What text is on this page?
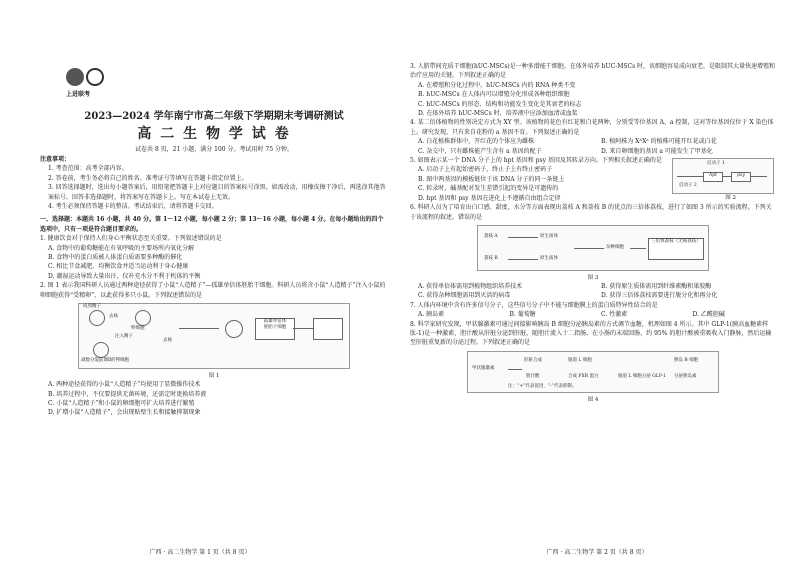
上进联考
2023—2024 学年南宁市高二年级下学期期末考调研测试
高 二 生 物 学 试 卷
试卷共 8 页，21 小题，满分 100 分。考试用时 75 分钟。

注意事项：

1. 考查范围：高考全部内容。

2. 答卷前，考生务必将自己的姓名、准考证号等填写在答题卡指定位置上。

3. 回答选择题时，选出每小题答案后，用铅笔把答题卡上对应题目的答案标号涂黑。如需改动，用橡皮擦干净后，再选涂其他答案标号。回答非选择题时，将答案写在答题卡上。写在本试卷上无效。

4. 考生必须保持答题卡的整洁。考试结束后，请将答题卡交回。

一、选择题：本题共 16 小题，共 40 分。第 1～12 小题，每小题 2 分；第 13～16 小题，每小题 4 分。在每小题给出的四个选项中，只有一项是符合题目要求的。

1. 健康饮食对于保持人们身心平衡状态至关重要。下列叙述错误的是

A. 食物中的葡萄糖能在有氧呼吸的主要场所内氧化分解

B. 食物中的蛋白质被人体蛋白质需要多种酶的催化

C. 相比节食减肥，均衡饮食并适当运动利于身心健康

D. 潮湿运动导致大量出汗，仅补充水分不利于机体的平衡

2. 图 1 表示我国科研人员通过两种途径获得了小鼠“人造精子”—孤雄单倍体胚胎干细胞。科研人员将含小鼠“人造精子”注入小鼠的卵细胞获得“受精卵”，以此获得多只小鼠。下列叙述错误的是

成熟精子
去核
卵细胞
注入精子
减数分裂前期Ⅱ的卵细胞
去核
孤雄单倍体
胚胎干细胞
图 1

A. 两种途径获得的小鼠“人造精子”均使用了显微操作技术

B. 培养过程中，不仅要提供无菌环境，还需定时更换培养液

C. 小鼠“人造精子”和小鼠的卵细胞可扩大培养进行繁殖

D. 扩增小鼠“人造精子”，会出现贴壁生长和接触抑制现象

广西 · 高二生物学 第 1 页（共 8 页）

3. 人脐带间充质干细胞(hUC-MSCs)是一种多潜能干细胞。在体外培养 hUC-MSCs 时，该细胞容易成向衰老，是限制其大量快速增殖和治疗应用的关键。下列叙述正确的是

A. 在增殖和分化过程中，hUC-MSCs 内的 RNA 种类不变

B. hUC-MSCs 在人体内可以增殖分化形成各种组织细胞

C. hUC-MSCs 的形态、结构和功能发生变化是其衰老的标志

D. 在体外培养 hUC-MSCs 时，培养液中应添加血清或血浆

4. 某二倍体植物的性别决定方式为 XY 型。该植物的花色有红花和白花两种，分别受等位基因 A、a 控制，这对等位基因仅位于 X 染色体上。研究发现，只有来自花粉的 a 基因不育。下列叙述正确的是

A. 白花植株群体中，开红花的个体应为雌株	B. 植阿株为 XᴬXᵃ 的植株可能开红花或白花

C. 杂交中，只有雌株能产生含有 a 基因的配子	D. 来自卵细胞的基因 a 可能发生了甲基化

5. 如图表示某一个 DNA 分子上的 hpt 基因和 psy 基因及其转录方向。下列相关叙述正确的是

A. 启动子上有起始密码子，终止子上有终止密码子

B. 图中两基因的模板链位于该 DNA 分子的同一条链上

C. 转录时，碱基配对发生差错引起的变异是可遗传的

D. hpt 基因和 psy 基因在进化上不遵循自由组合定律

启动子 1
启动子 2
hpt	psy
图 2

6. 科研人员为了培育出白口感、甜度、水分等方面表现出荔枝 A 和荔枝 B 的优点的三倍体荔枝，进行了如图 3 所示的实验流程。下列关于该流程的叙述，错误的是

荔枝 A	原生质体
荔枝 B	原生质体
杂种细胞
三倍体荔枝（无核荔枝）
图 3

A. 获得单倍体需用到植物组织培养技术	B. 获得原生质体需用到纤维素酶和果胶酶

C. 获得杂种细胞需用到灭活的病毒	D. 获得三倍体荔枝需要进行脱分化和再分化

7. 人体内环境中含有许多信号分子，这些信号分子中不能与细胞膜上的蛋白质特异性结合的是

A. 胰岛素	B. 葡萄糖	C. 性激素	D. 乙酰胆碱

8. 科学家研究发现，甲状腺激素可通过间接影响胰岛 B 细胞分泌胰岛素的方式调节血糖，机理如图 4 所示。其中 GLP-1(胰高血糖素样肽-1)是一种激素，胆汁酸从肝脏分泌到肝脏，随胆汁流入十二指肠，在小肠的末端回肠，约 95% 的胆汁酸被重吸收入门静脉，然后运输至肝脏重复新的分泌过程。下列叙述正确的是

甲状腺激素
肝脏合成
胆汁酸
肠道 L 细胞
合成 FXR 蛋白	肠道 L 细胞分泌 GLP-1
胰岛 B 细胞
分泌胰岛素
注：“+”代表促进，“-”代表抑制。
图 4
广西 · 高二生物学 第 2 页（共 8 页）
